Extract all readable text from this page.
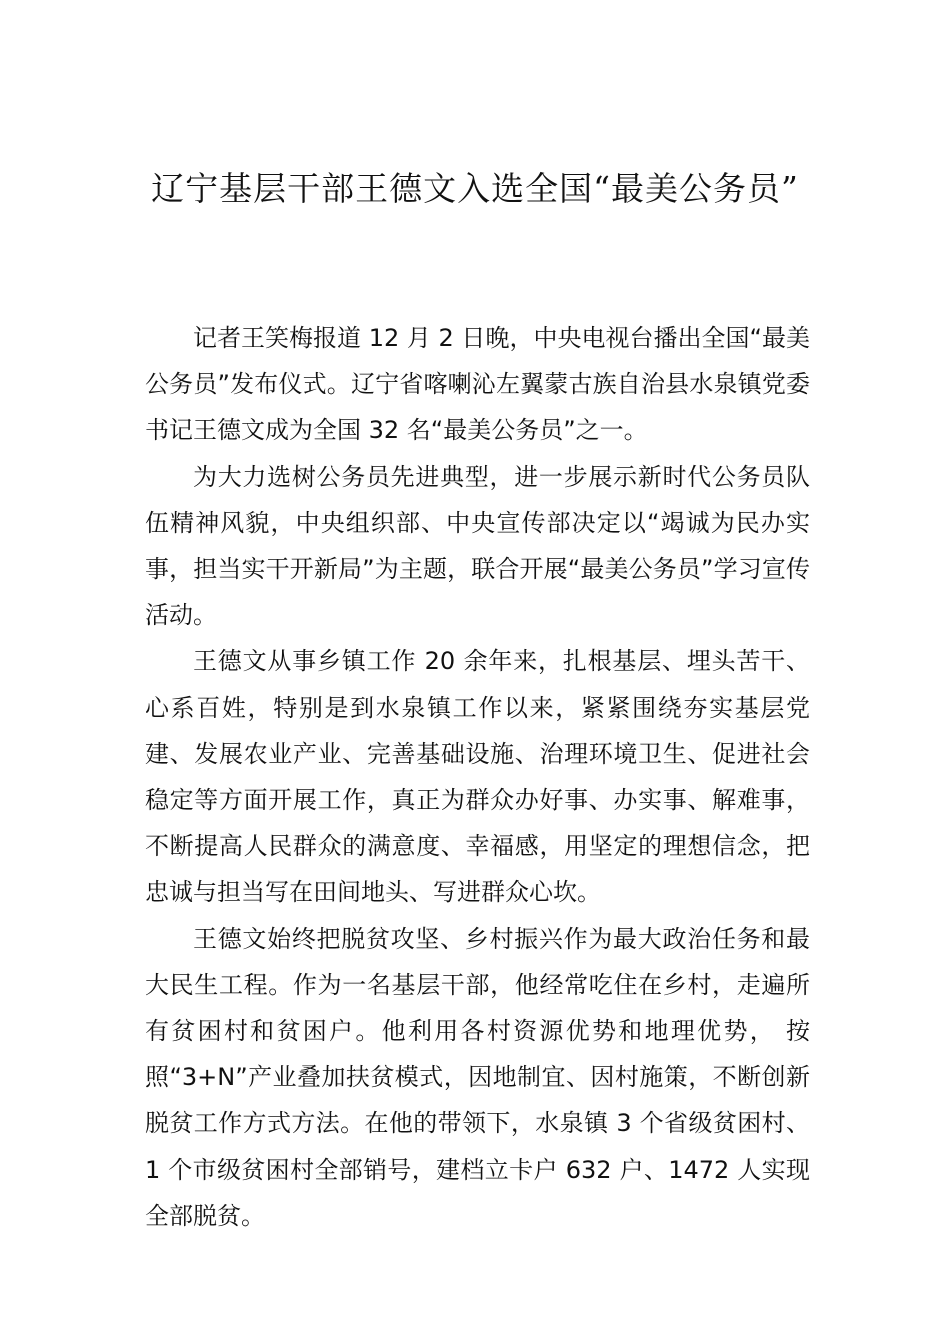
辽宁基层干部王德文入选全国“最美公务员”

记者王笑梅报道 12 月 2 日晚，中央电视台播出全国“最美公务员”发布仪式。辽宁省喀喇沁左翼蒙古族自治县水泉镇党委书记王德文成为全国 32 名“最美公务员”之一。

为大力选树公务员先进典型，进一步展示新时代公务员队伍精神风貌，中央组织部、中央宣传部决定以“竭诚为民办实事，担当实干开新局”为主题，联合开展“最美公务员”学习宣传活动。

王德文从事乡镇工作 20 余年来，扎根基层、埋头苦干、心系百姓，特别是到水泉镇工作以来，紧紧围绕夯实基层党建、发展农业产业、完善基础设施、治理环境卫生、促进社会稳定等方面开展工作，真正为群众办好事、办实事、解难事，不断提高人民群众的满意度、幸福感，用坚定的理想信念，把忠诚与担当写在田间地头、写进群众心坎。

王德文始终把脱贫攻坚、乡村振兴作为最大政治任务和最大民生工程。作为一名基层干部，他经常吃住在乡村，走遍所有贫困村和贫困户。他利用各村资源优势和地理优势， 按照“3+N”产业叠加扶贫模式，因地制宜、因村施策，不断创新脱贫工作方式方法。在他的带领下，水泉镇 3 个省级贫困村、1 个市级贫困村全部销号，建档立卡户 632 户、1472 人实现全部脱贫。
